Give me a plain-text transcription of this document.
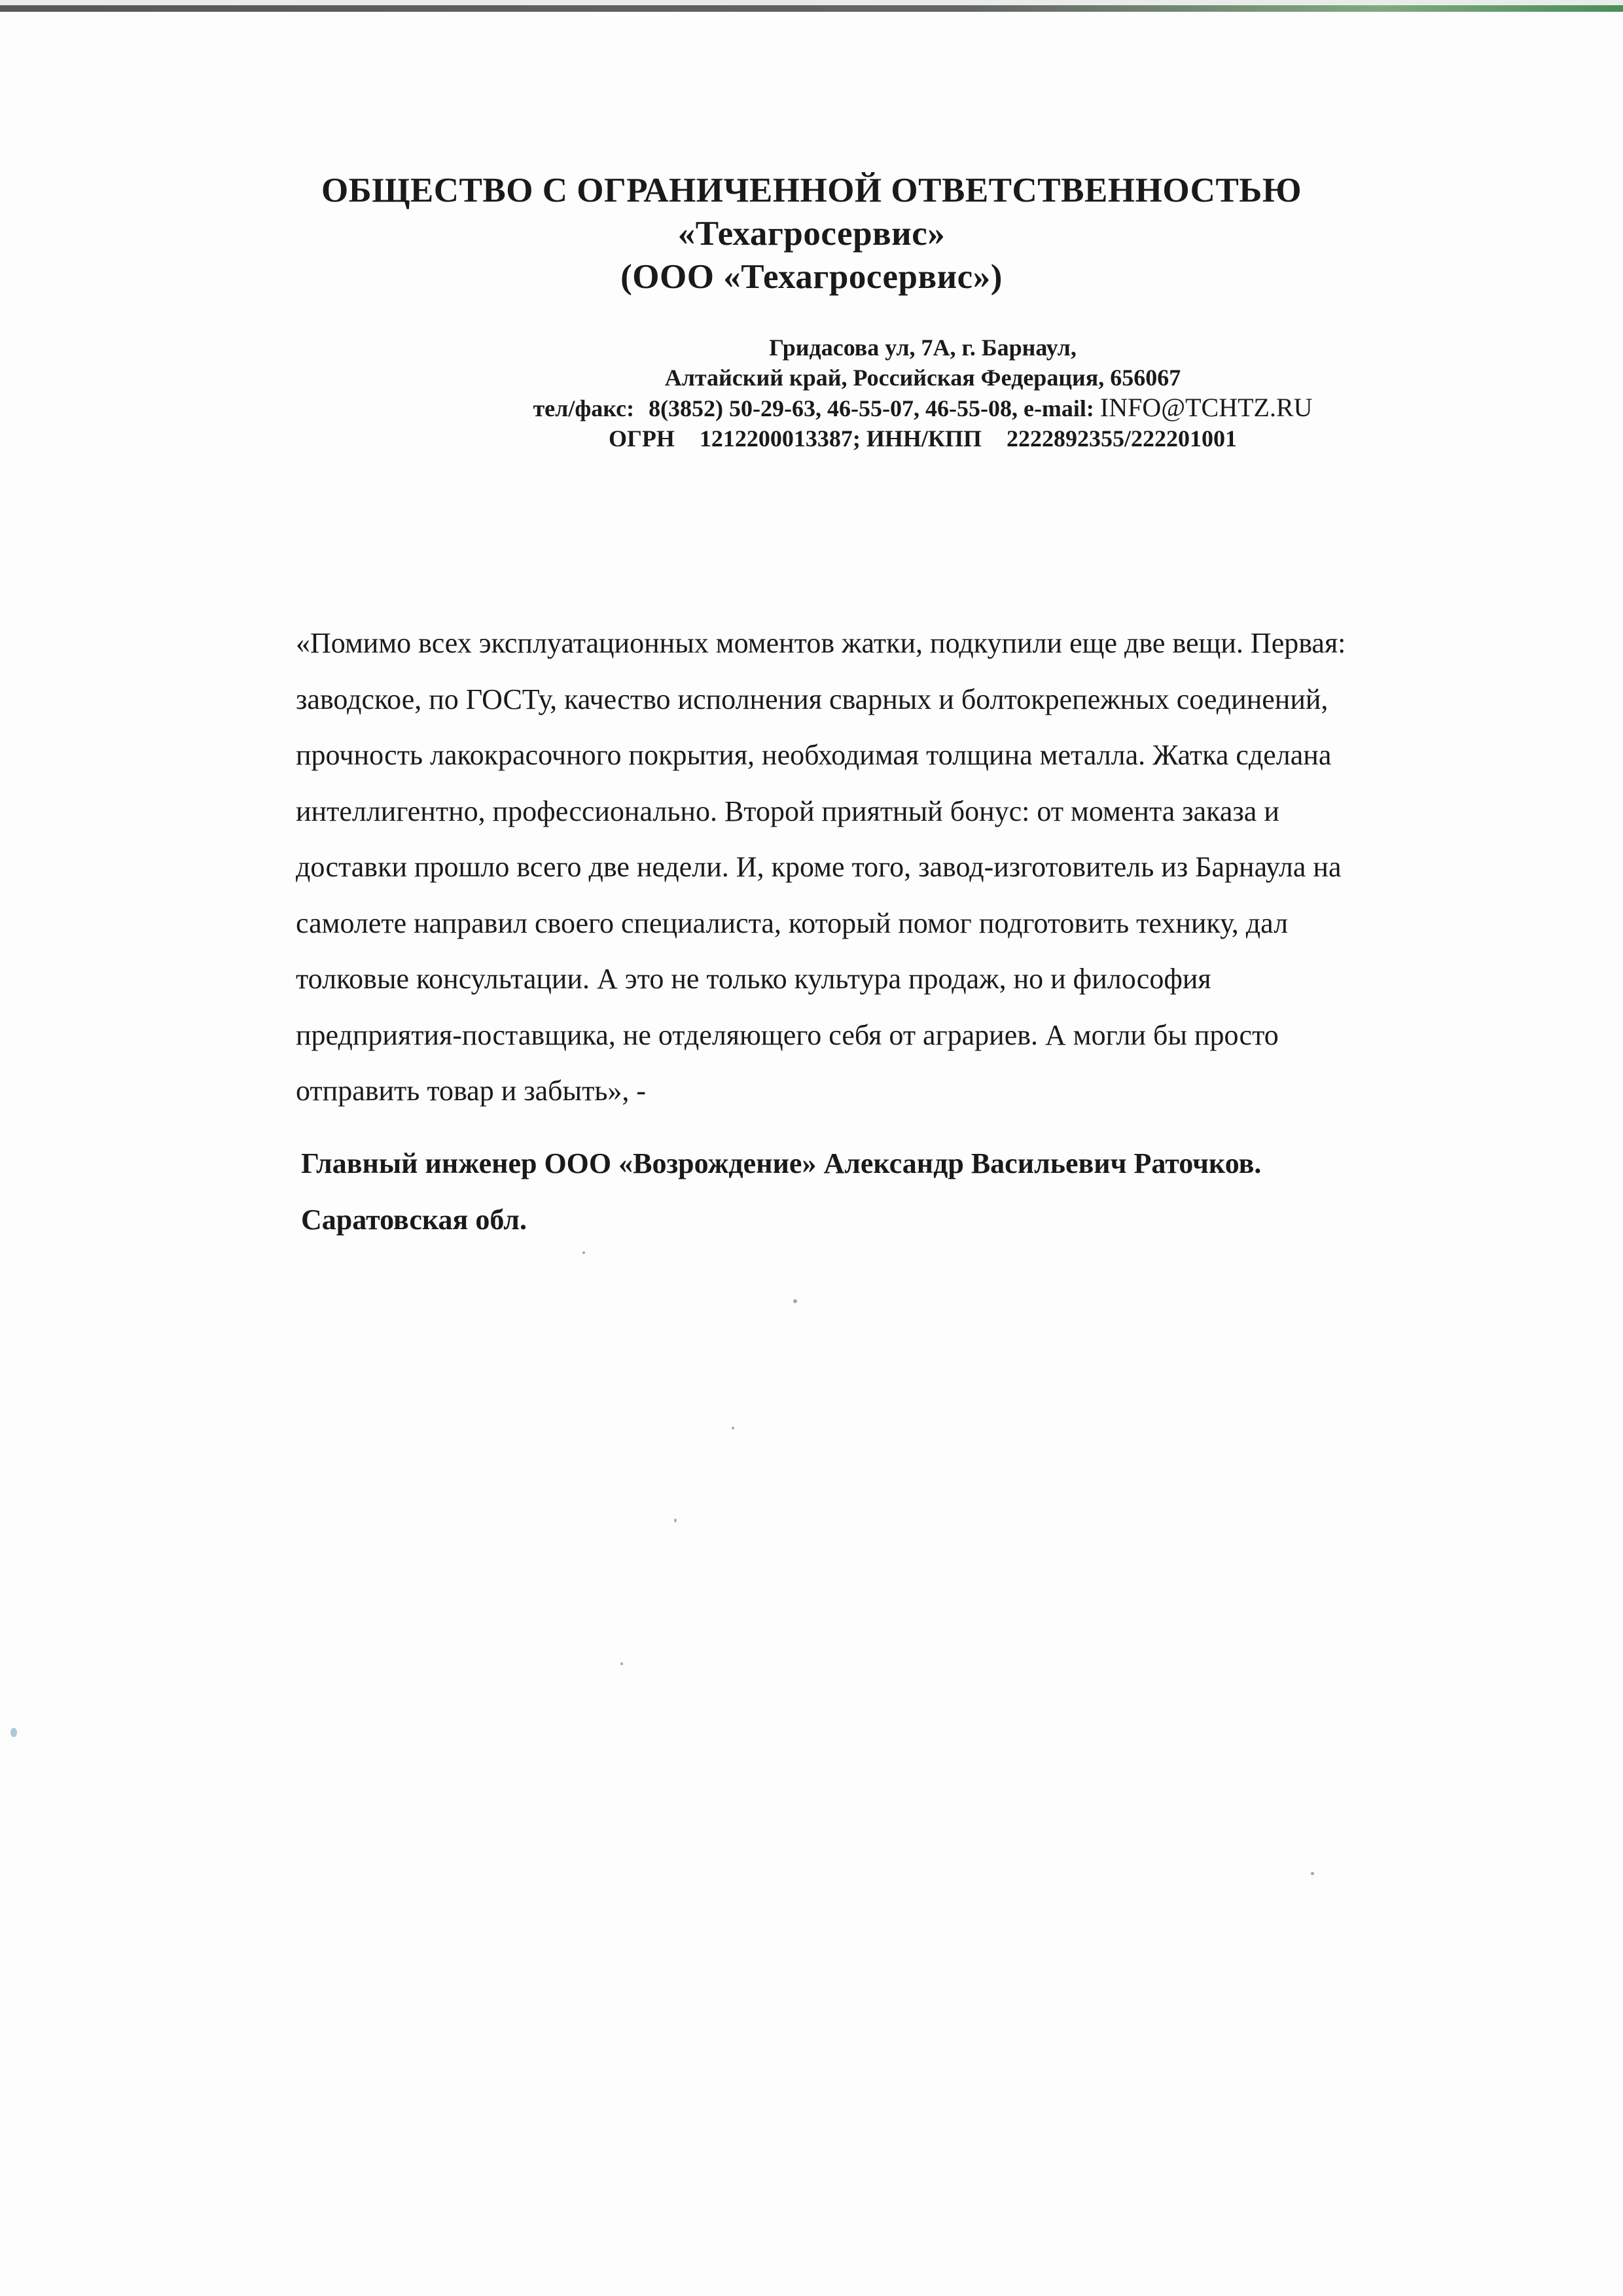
ОБЩЕСТВО С ОГРАНИЧЕННОЙ ОТВЕТСТВЕННОСТЬЮ
«Техагросервис»
(ООО «Техагросервис»)
Гридасова ул, 7А, г. Барнаул,
Алтайский край, Российская Федерация, 656067
тел/факс: 8(3852) 50-29-63, 46-55-07, 46-55-08, e-mail: INFO@TCHTZ.RU
ОГРН 1212200013387; ИНН/КПП 2222892355/222201001
«Помимо всех эксплуатационных моментов жатки, подкупили еще две вещи. Первая:
заводское, по ГОСТу, качество исполнения сварных и болтокрепежных соединений,
прочность лакокрасочного покрытия, необходимая толщина металла. Жатка сделана
интеллигентно, профессионально. Второй приятный бонус: от момента заказа и
доставки прошло всего две недели. И, кроме того, завод-изготовитель из Барнаула на
самолете направил своего специалиста, который помог подготовить технику, дал
толковые консультации. А это не только культура продаж, но и философия
предприятия-поставщика, не отделяющего себя от аграриев. А могли бы просто
отправить товар и забыть», -
Главный инженер ООО «Возрождение» Александр Васильевич Раточков.
Саратовская обл.
